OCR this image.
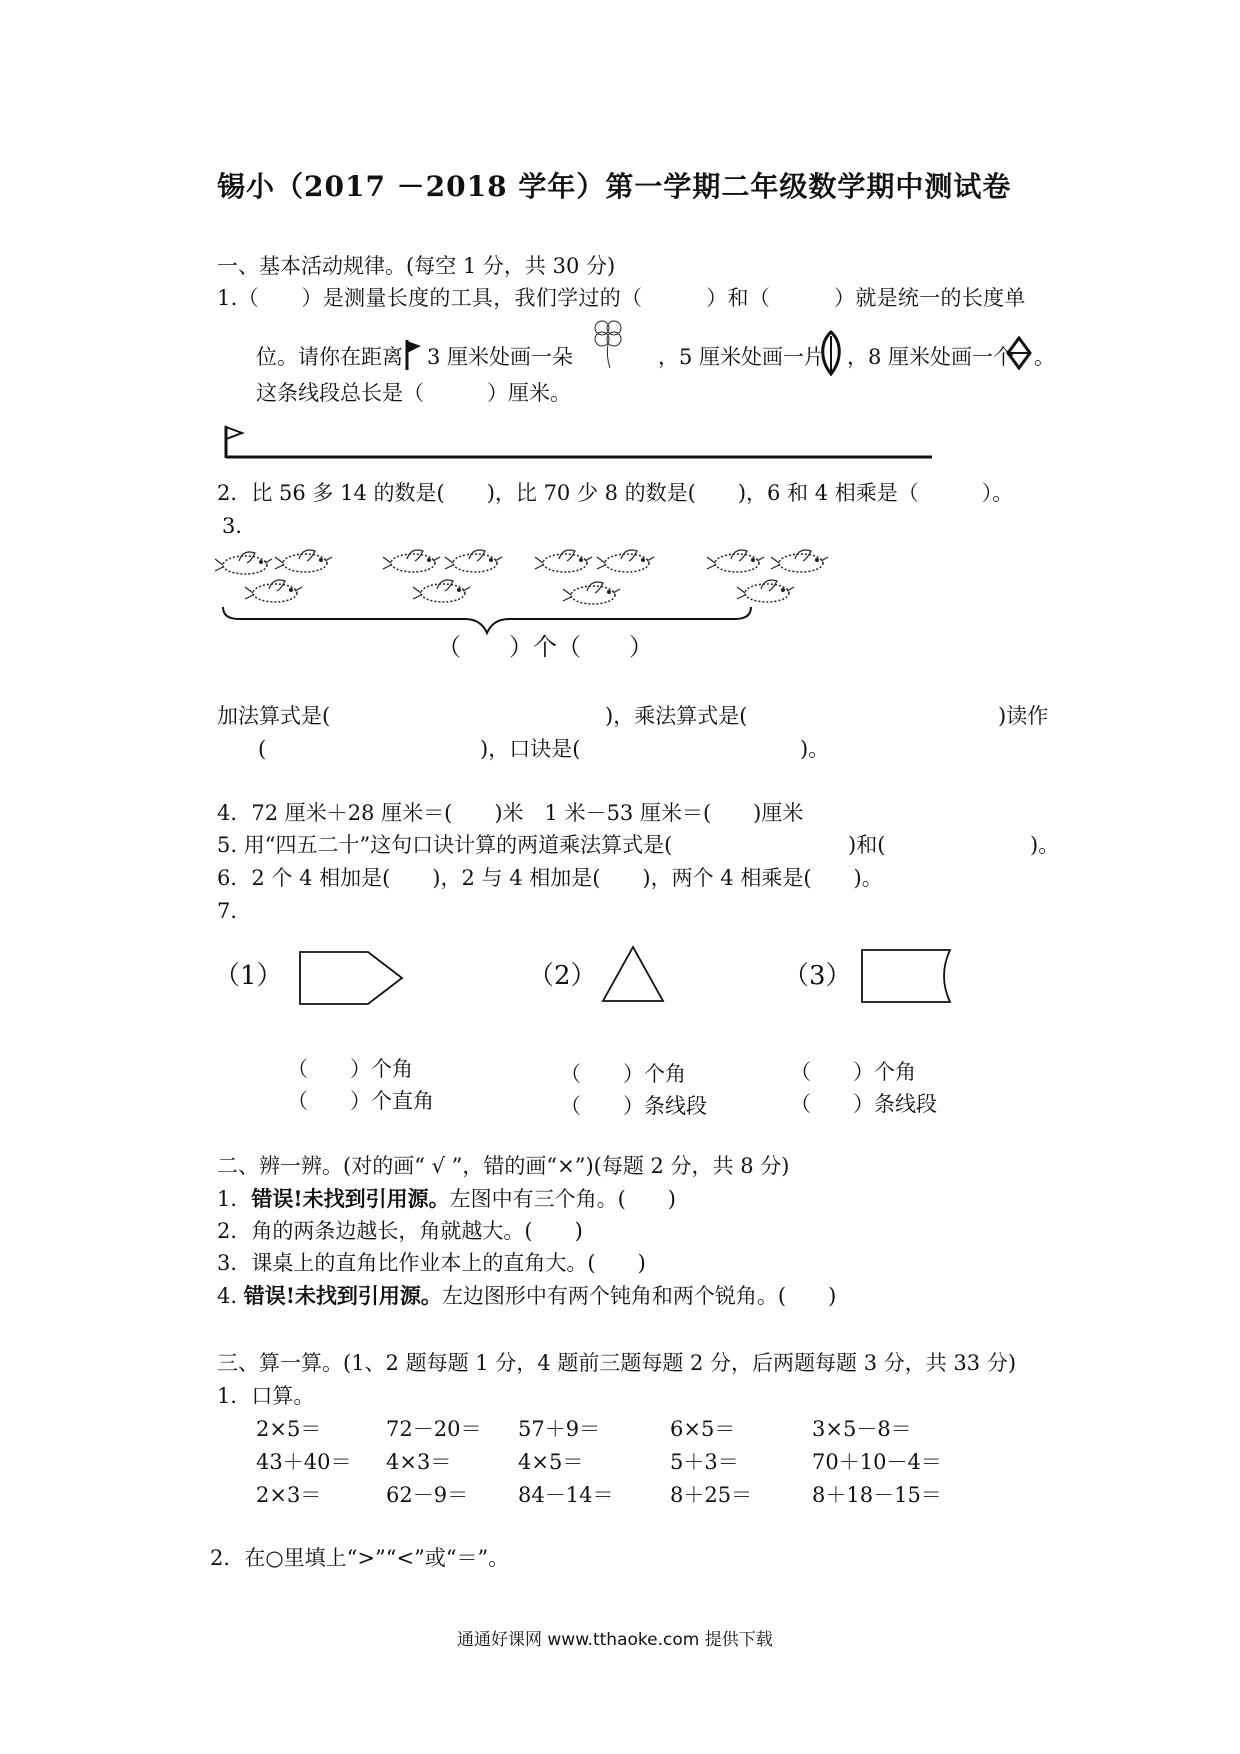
锡小（2017 －2018 学年）第一学期二年级数学期中测试卷
一、基本活动规律。(每空 1 分，共 30 分)
1.（　　）是测量长度的工具，我们学过的（　　　）和（　　　）就是统一的长度单
位。请你在距离 3 厘米处画一朵	，5 厘米处画一片 ，8 厘米处画一个 。
这条线段总长是（　　　）厘米。
2．比 56 多 14 的数是(　　)，比 70 少 8 的数是(　　)，6 和 4 相乘是（　　　）。
3．
（　　）个（　　）
加法算式是(	)，乘法算式是(	)读作
(	)，口诀是(	)。
4．72 厘米＋28 厘米＝(　　)米　1 米－53 厘米＝(　　)厘米
5. 用“四五二十”这句口诀计算的两道乘法算式是(	)和(	)。
6．2 个 4 相加是(　　)，2 与 4 相加是(　　)，两个 4 相乘是(　　)。
7．
（1）	（2）	（3）
（　　）个角
（　　）个直角
（　　）个角
（　　）条线段
（　　）个角
（　　）条线段
二、辨一辨。(对的画“ √ ”，错的画“×”)(每题 2 分，共 8 分)
1．错误!未找到引用源。左图中有三个角。(　　)
2．角的两条边越长，角就越大。(　　)
3．课桌上的直角比作业本上的直角大。(　　)
4. 错误!未找到引用源。左边图形中有两个钝角和两个锐角。(　　)
三、算一算。(1、2 题每题 1 分，4 题前三题每题 2 分，后两题每题 3 分，共 33 分)
1．口算。
2×5＝	72－20＝ 57＋9＝	6×5＝	3×5－8＝
43＋40＝ 4×3＝	4×5＝	5＋3＝	70＋10－4＝
2×3＝	62－9＝ 84－14＝	8＋25＝	8＋18－15＝
2．在○里填上“>”“<”或“＝”。
通通好课网 www.tthaoke.com 提供下载
